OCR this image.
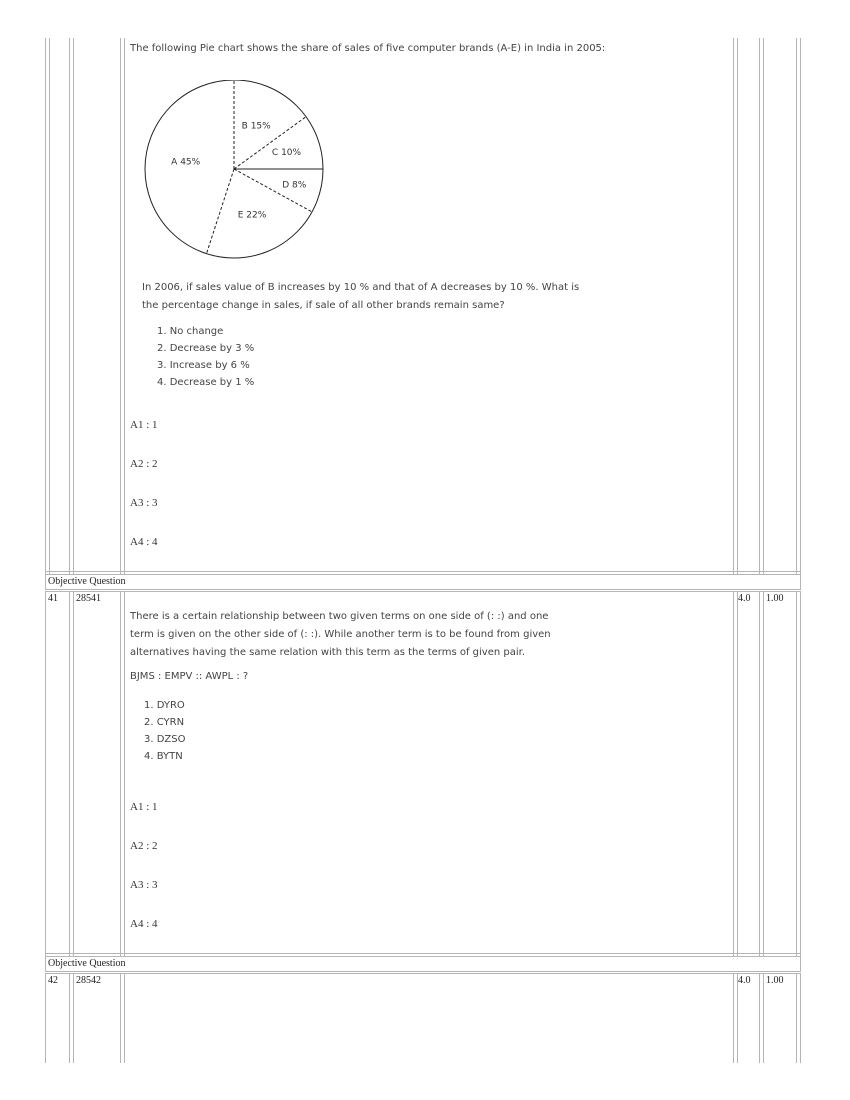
Objective Question
Objective Question
The following Pie chart shows the share of sales of five computer brands (A-E) in India in 2005:
A 45%
B 15%
C 10%
D 8%
E 22%
In 2006, if sales value of B increases by 10 % and that of A decreases by 10 %. What is
the percentage change in sales, if sale of all other brands remain same?
1. No change
2. Decrease by 3 %
3. Increase by 6 %
4. Decrease by 1 %
A1 : 1
A2 : 2
A3 : 3
A4 : 4
41 28541	4.0 1.00
There is a certain relationship between two given terms on one side of (: :) and one
term is given on the other side of (: :). While another term is to be found from given
alternatives having the same relation with this term as the terms of given pair.
BJMS : EMPV :: AWPL : ?
1. DYRO
2. CYRN
3. DZSO
4. BYTN
A1 : 1
A2 : 2
A3 : 3
A4 : 4
42 28542	4.0 1.00
